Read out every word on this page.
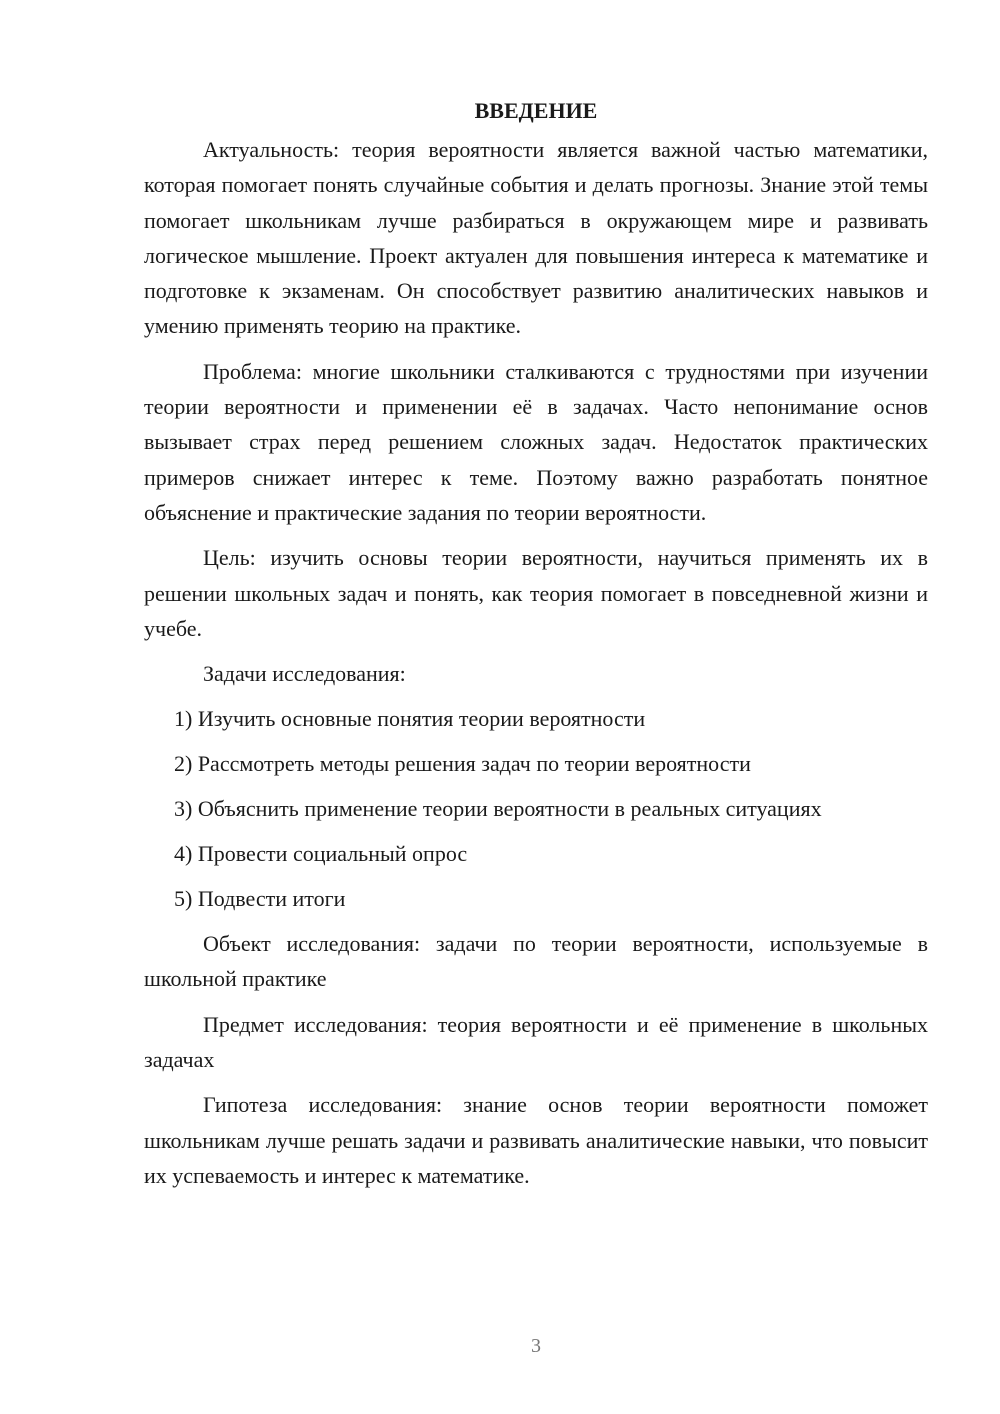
ВВЕДЕНИЕ

Актуальность: теория вероятности является важной частью математики, которая помогает понять случайные события и делать прогнозы. Знание этой темы помогает школьникам лучше разбираться в окружающем мире и развивать логическое мышление. Проект актуален для повышения интереса к математике и подготовке к экзаменам. Он способствует развитию аналитических навыков и умению применять теорию на практике.

Проблема: многие школьники сталкиваются с трудностями при изучении теории вероятности и применении её в задачах. Часто непонимание основ вызывает страх перед решением сложных задач. Недостаток практических примеров снижает интерес к теме. Поэтому важно разработать понятное объяснение и практические задания по теории вероятности.

Цель: изучить основы теории вероятности, научиться применять их в решении школьных задач и понять, как теория помогает в повседневной жизни и учебе.

Задачи исследования:

1) Изучить основные понятия теории вероятности
2) Рассмотреть методы решения задач по теории вероятности
3) Объяснить применение теории вероятности в реальных ситуациях
4) Провести социальный опрос
5) Подвести итоги

Объект исследования: задачи по теории вероятности, используемые в школьной практике

Предмет исследования: теория вероятности и её применение в школьных задачах

Гипотеза исследования: знание основ теории вероятности поможет школьникам лучше решать задачи и развивать аналитические навыки, что повысит их успеваемость и интерес к математике.

3
